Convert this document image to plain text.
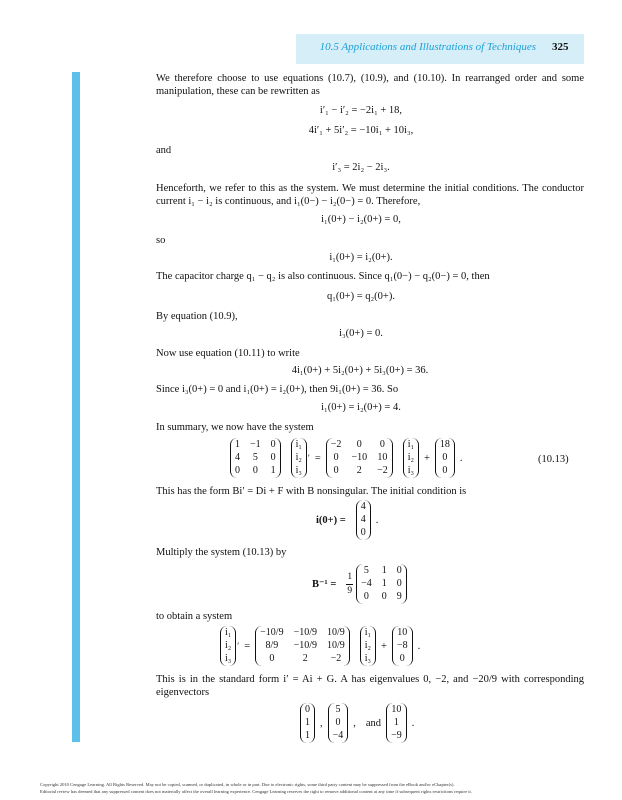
10.5 Applications and Illustrations of Techniques 325
We therefore choose to use equations (10.7), (10.9), and (10.10). In rearranged order and some manipulation, these can be rewritten as
i′₁ − i′₂ = −2i₁ + 18,
4i′₁ + 5i′₂ = −10i₁ + 10i₃,
and
i′₃ = 2i₂ − 2i₃.
Henceforth, we refer to this as the system. We must determine the initial conditions. The conductor current i₁ − i₂ is continuous, and i₁(0−) − i₂(0−) = 0. Therefore,
i₁(0+) − i₂(0+) = 0,
so
i₁(0+) = i₂(0+).
The capacitor charge q₁ − q₂ is also continuous. Since q₁(0−) − q₂(0−) = 0, then
q₁(0+) = q₂(0+).
By equation (10.9),
i₃(0+) = 0.
Now use equation (10.11) to write
4i₁(0+) + 5i₂(0+) + 5i₃(0+) = 36.
Since i₃(0+) = 0 and i₁(0+) = i₂(0+), then 9i₁(0+) = 36. So
i₁(0+) = i₂(0+) = 4.
In summary, we now have the system
1 −1 0
4 5 0
0 0 1
i₁
i₂
i₃
′ =
−2	0	0
0 −10 10
0	2	−2
i₁
i₂
i₃
+
18
0
0
.	(10.13)
This has the form Bi′ = Di + F with B nonsingular. The initial condition is
i(0+) =
4
4
0
.
Multiply the system (10.13) by
$B^{-1} = \frac{1}{9} 5$ 1 0
−4 1 0
0 0 9
to obtain a system
i₁
i₂
i₃
′ =
−10/9 −10/9 10/9
8/9	−10/9 10/9
0	2	−2
i₁
i₂
i₃
+
10
−8
0
.
This is in the standard form i′ = Ai + G. A has eigenvalues 0, −2, and −20/9 with corresponding eigenvectors
0
1
1
,
5
0
−4
, and
10
1
−9
.
Copyright 2010 Cengage Learning. All Rights Reserved. May not be copied, scanned, or duplicated, in whole or in part. Due to electronic rights, some third party content may be suppressed from the eBook and/or eChapter(s).
Editorial review has deemed that any suppressed content does not materially affect the overall learning experience. Cengage Learning reserves the right to remove additional content at any time if subsequent rights restrictions require it.
